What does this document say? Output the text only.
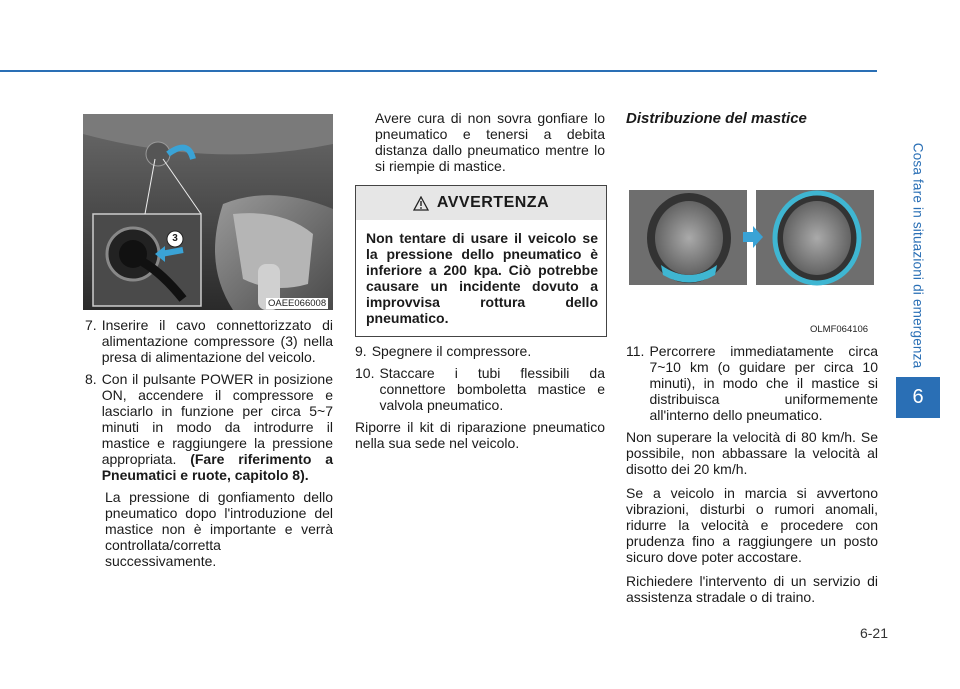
Cosa fare in situazioni di emergenza
6
3
OAEE066008
7. Inserire il cavo connettorizzato di alimentazione compressore (3) nella presa di alimentazione del veicolo.
8. Con il pulsante POWER in posizione ON, accendere il compressore e lasciarlo in funzione per circa 5~7 minuti in modo da introdurre il mastice e raggiungere la pressione appropriata. (Fare riferimento a Pneumatici e ruote, capitolo 8).

La pressione di gonfiamento dello pneumatico dopo l'introduzione del mastice non è importante e verrà controllata/corretta successivamente.

Avere cura di non sovra gonfiare lo pneumatico e tenersi a debita distanza dallo pneumatico mentre lo si riempie di mastice.

AVVERTENZA
Non tentare di usare il veicolo se la pressione dello pneumatico è inferiore a 200 kpa. Ciò potrebbe causare un incidente dovuto a improvvisa rottura dello pneumatico.
9. Spegnere il compressore.
10. Staccare i tubi flessibili da connettore bomboletta mastice e valvola pneumatico.

Riporre il kit di riparazione pneumatico nella sua sede nel veicolo.

Distribuzione del mastice
OLMF064106
11. Percorrere immediatamente circa 7~10 km (o guidare per circa 10 minuti), in modo che il mastice si distribuisca uniformemente all'interno dello pneumatico.

Non superare la velocità di 80 km/h. Se possibile, non abbassare la velocità al disotto dei 20 km/h.

Se a veicolo in marcia si avvertono vibrazioni, disturbi o rumori anomali, ridurre la velocità e procedere con prudenza fino a raggiungere un posto sicuro dove poter accostare.

Richiedere l'intervento di un servizio di assistenza stradale o di traino.

6-21
